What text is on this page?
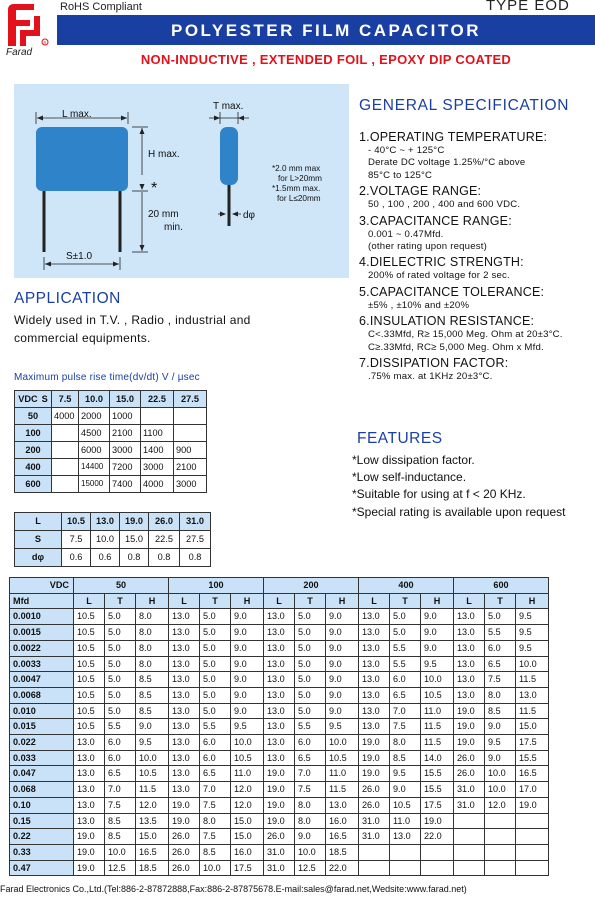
R
Farad
RoHS Compliant	TYPE EOD
POLYESTER FILM CAPACITOR
NON-INDUCTIVE , EXTENDED FOIL , EPOXY DIP COATED
L max.
H max.
*
20 mm
min.
S±1.0
T max.
dφ
*2.0 mm max
for L>20mm
*1.5mm max.
for L≤20mm
GENERAL SPECIFICATION
1.OPERATING TEMPERATURE:
- 40°C ~ + 125°C
Derate DC voltage 1.25%/°C above
85°C to 125°C
2.VOLTAGE RANGE:
50 , 100 , 200 , 400 and 600 VDC.
3.CAPACITANCE RANGE:
0.001 ~ 0.47Mfd.
(other rating upon request)
4.DIELECTRIC STRENGTH:
200% of rated voltage for 2 sec.
5.CAPACITANCE TOLERANCE:
±5% , ±10% and ±20%
6.INSULATION RESISTANCE:
C<.33Mfd, R≥ 15,000 Meg. Ohm at 20±3°C.
C≥.33Mfd, RC≥ 5,000 Meg. Ohm x Mfd.
7.DISSIPATION FACTOR:
.75% max. at 1KHz 20±3°C.
APPLICATION
Widely used in T.V. , Radio , industrial and
commercial equipments.
FEATURES
*Low dissipation factor.
*Low self-inductance.
*Suitable for using at f < 20 KHz.
*Special rating is available upon request
Maximum pulse rise time(dv/dt) V / μsec
VDC S	7.5	10.0	15.0	22.5	27.5
50	4000	2000	1000		
100		4500	2100	1100	
200		6000	3000	1400	900
400		14400	7200	3000	2100
600		15000	7400	4000	3000
L	10.5	13.0	19.0	26.0	31.0
S	7.5	10.0	15.0	22.5	27.5
dφ	0.6	0.6	0.8	0.8	0.8
VDC	50			100			200			400			600		
Mfd	L	T	H	L	T	H	L	T	H	L	T	H	L	T	H
0.0010	10.5	5.0	8.0	13.0	5.0	9.0	13.0	5.0	9.0	13.0	5.0	9.0	13.0	5.0	9.5
0.0015	10.5	5.0	8.0	13.0	5.0	9.0	13.0	5.0	9.0	13.0	5.0	9.0	13.0	5.5	9.5
0.0022	10.5	5.0	8.0	13.0	5.0	9.0	13.0	5.0	9.0	13.0	5.5	9.0	13.0	6.0	9.5
0.0033	10.5	5.0	8.0	13.0	5.0	9.0	13.0	5.0	9.0	13.0	5.5	9.5	13.0	6.5	10.0
0.0047	10.5	5.0	8.5	13.0	5.0	9.0	13.0	5.0	9.0	13.0	6.0	10.0	13.0	7.5	11.5
0.0068	10.5	5.0	8.5	13.0	5.0	9.0	13.0	5.0	9.0	13.0	6.5	10.5	13.0	8.0	13.0
0.010	10.5	5.0	8.5	13.0	5.0	9.0	13.0	5.0	9.0	13.0	7.0	11.0	19.0	8.5	11.5
0.015	10.5	5.5	9.0	13.0	5.5	9.5	13.0	5.5	9.5	13.0	7.5	11.5	19.0	9.0	15.0
0.022	13.0	6.0	9.5	13.0	6.0	10.0	13.0	6.0	10.0	19.0	8.0	11.5	19.0	9.5	17.5
0.033	13.0	6.0	10.0	13.0	6.0	10.5	13.0	6.5	10.5	19.0	8.5	14.0	26.0	9.0	15.5
0.047	13.0	6.5	10.5	13.0	6.5	11.0	19.0	7.0	11.0	19.0	9.5	15.5	26.0	10.0	16.5
0.068	13.0	7.0	11.5	13.0	7.0	12.0	19.0	7.5	11.5	26.0	9.0	15.5	31.0	10.0	17.0
0.10	13.0	7.5	12.0	19.0	7.5	12.0	19.0	8.0	13.0	26.0	10.5	17.5	31.0	12.0	19.0
0.15	13.0	8.5	13.5	19.0	8.0	15.0	19.0	8.0	16.0	31.0	11.0	19.0			
0.22	19.0	8.5	15.0	26.0	7.5	15.0	26.0	9.0	16.5	31.0	13.0	22.0			
0.33	19.0	10.0	16.5	26.0	8.5	16.0	31.0	10.0	18.5						
0.47	19.0	12.5	18.5	26.0	10.0	17.5	31.0	12.5	22.0						
Farad Electronics Co.,Ltd.(Tel:886-2-87872888,Fax:886-2-87875678.E-mail:sales@farad.net,Wedsite:www.farad.net)
